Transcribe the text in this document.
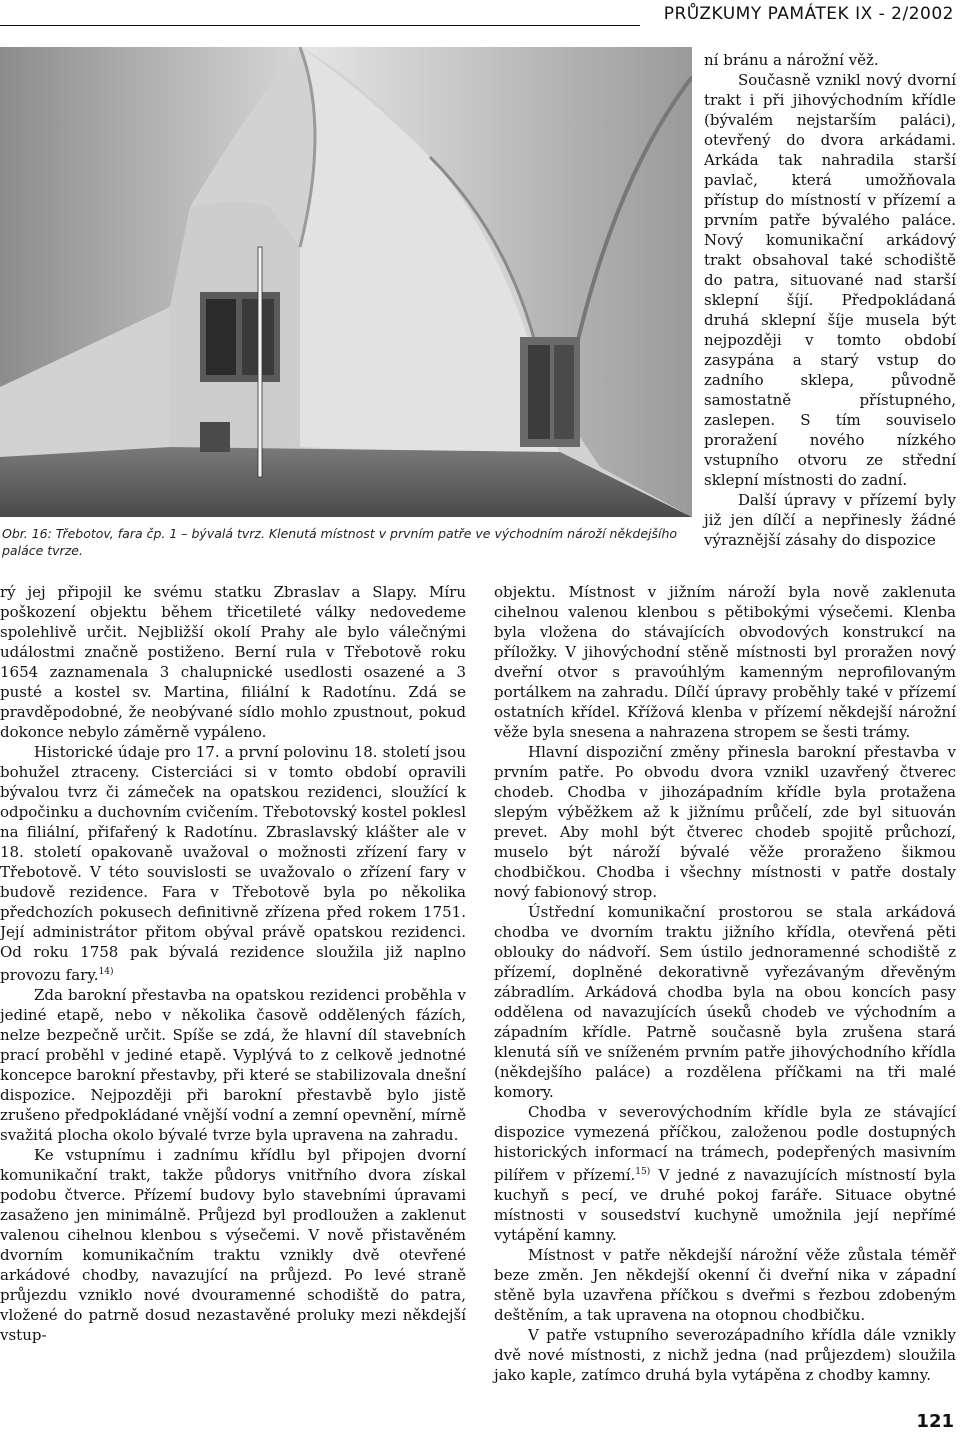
PRŮZKUMY PAMÁTEK IX - 2/2002
Obr. 16: Třebotov, fara čp. 1 – bývalá tvrz. Klenutá místnost v prvním patře ve východním nároží někdejšího paláce tvrze.

ní bránu a nárožní věž.

Současně vznikl nový dvorní trakt i při jihovýchodním křídle (bývalém nejstarším paláci), otevřený do dvora arkádami. Arkáda tak nahradila starší pavlač, která umožňovala přístup do místností v přízemí a prvním patře bývalého paláce. Nový komunikační arkádový trakt obsahoval také schodiště do patra, situované nad starší sklepní šíjí. Předpokládaná druhá sklepní šíje musela být nejpozději v tomto období zasypána a starý vstup do zadního sklepa, původně samostatně přístupného, zaslepen. S tím souviselo proražení nového nízkého vstupního otvoru ze střední sklepní místnosti do zadní.

Další úpravy v přízemí byly již jen dílčí a nepřinesly žádné výraznější zásahy do dispozice

rý jej připojil ke svému statku Zbraslav a Slapy. Míru poškození objektu během třicetileté války nedovedeme spolehlivě určit. Nejbližší okolí Prahy ale bylo válečnými událostmi značně postiženo. Berní rula v Třebotově roku 1654 zaznamenala 3 chalupnické usedlosti osazené a 3 pusté a kostel sv. Martina, filiální k Radotínu. Zdá se pravděpodobné, že neobývané sídlo mohlo zpustnout, pokud dokonce nebylo záměrně vypáleno.

Historické údaje pro 17. a první polovinu 18. století jsou bohužel ztraceny. Cisterciáci si v tomto období opravili bývalou tvrz či zámeček na opatskou rezidenci, sloužící k odpočinku a duchovním cvičením. Třebotovský kostel poklesl na filiální, přifařený k Radotínu. Zbraslavský klášter ale v 18. století opakovaně uvažoval o možnosti zřízení fary v Třebotově. V této souvislosti se uvažovalo o zřízení fary v budově rezidence. Fara v Třebotově byla po několika předchozích pokusech definitivně zřízena před rokem 1751. Její administrátor přitom obýval právě opatskou rezidenci. Od roku 1758 pak bývalá rezidence sloužila již naplno provozu fary.$^{14)}$

Zda barokní přestavba na opatskou rezidenci proběhla v jediné etapě, nebo v několika časově oddělených fázích, nelze bezpečně určit. Spíše se zdá, že hlavní díl stavebních prací proběhl v jediné etapě. Vyplývá to z celkově jednotné koncepce barokní přestavby, při které se stabilizovala dnešní dispozice. Nejpozději při barokní přestavbě bylo jistě zrušeno předpokládané vnější vodní a zemní opevnění, mírně svažitá plocha okolo bývalé tvrze byla upravena na zahradu.

Ke vstupnímu i zadnímu křídlu byl připojen dvorní komunikační trakt, takže půdorys vnitřního dvora získal podobu čtverce. Přízemí budovy bylo stavebními úpravami zasaženo jen minimálně. Průjezd byl prodloužen a zaklenut valenou cihelnou klenbou s výsečemi. V nově přistavěném dvorním komunikačním traktu vznikly dvě otevřené arkádové chodby, navazující na průjezd. Po levé straně průjezdu vzniklo nové dvouramenné schodiště do patra, vložené do patrně dosud nezastavěné proluky mezi někdejší vstup-

objektu. Místnost v jižním nároží byla nově zaklenuta cihelnou valenou klenbou s pětibokými výsečemi. Klenba byla vložena do stávajících obvodových konstrukcí na příložky. V jihovýchodní stěně místnosti byl proražen nový dveřní otvor s pravoúhlým kamenným neprofilovaným portálkem na zahradu. Dílčí úpravy proběhly také v přízemí ostatních křídel. Křížová klenba v přízemí někdejší nárožní věže byla snesena a nahrazena stropem se šesti trámy.

Hlavní dispoziční změny přinesla barokní přestavba v prvním patře. Po obvodu dvora vznikl uzavřený čtverec chodeb. Chodba v jihozápadním křídle byla protažena slepým výběžkem až k jižnímu průčelí, zde byl situován prevet. Aby mohl být čtverec chodeb spojitě průchozí, muselo být nároží bývalé věže proraženo šikmou chodbičkou. Chodba i všechny místnosti v patře dostaly nový fabionový strop.

Ústřední komunikační prostorou se stala arkádová chodba ve dvorním traktu jižního křídla, otevřená pěti oblouky do nádvoří. Sem ústilo jednoramenné schodiště z přízemí, doplněné dekorativně vyřezávaným dřevěným zábradlím. Arkádová chodba byla na obou koncích pasy oddělena od navazujících úseků chodeb ve východním a západním křídle. Patrně současně byla zrušena stará klenutá síň ve sníženém prvním patře jihovýchodního křídla (někdejšího paláce) a rozdělena příčkami na tři malé komory.

Chodba v severovýchodním křídle byla ze stávající dispozice vymezená příčkou, založenou podle dostupných historických informací na trámech, podepřených masivním pilířem v přízemí.$^{15)}$ V jedné z navazujících místností byla kuchyň s pecí, ve druhé pokoj faráře. Situace obytné místnosti v sousedství kuchyně umožnila její nepřímé vytápění kamny.

Místnost v patře někdejší nárožní věže zůstala téměř beze změn. Jen někdejší okenní či dveřní nika v západní stěně byla uzavřena příčkou s dveřmi s řezbou zdobeným deštěním, a tak upravena na otopnou chodbičku.

V patře vstupního severozápadního křídla dále vznikly dvě nové místnosti, z nichž jedna (nad průjezdem) sloužila jako kaple, zatímco druhá byla vytápěna z chodby kamny.

121
